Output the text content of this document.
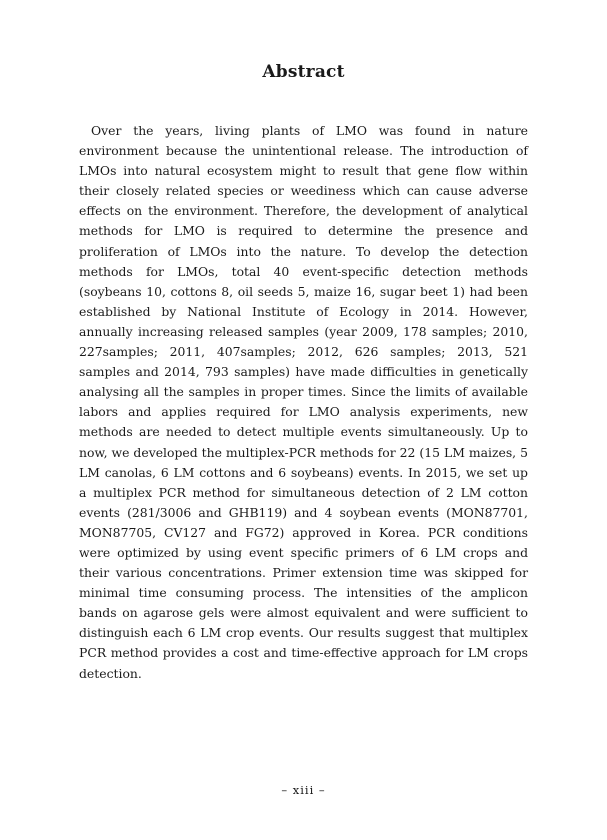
Abstract

Over the years, living plants of LMO was found in nature environment because the unintentional release. The introduction of LMOs into natural ecosystem might to result that gene flow within their closely related species or weediness which can cause adverse effects on the environment. Therefore, the development of analytical methods for LMO is required to determine the presence and proliferation of LMOs into the nature. To develop the detection methods for LMOs, total 40 event-specific detection methods (soybeans 10, cottons 8, oil seeds 5, maize 16, sugar beet 1) had been established by National Institute of Ecology in 2014. However, annually increasing released samples (year 2009, 178 samples; 2010, 227samples; 2011, 407samples; 2012, 626 samples; 2013, 521 samples and 2014, 793 samples) have made difficulties in genetically analysing all the samples in proper times. Since the limits of available labors and applies required for LMO analysis experiments, new methods are needed to detect multiple events simultaneously. Up to now, we developed the multiplex-PCR methods for 22 (15 LM maizes, 5 LM canolas, 6 LM cottons and 6 soybeans) events. In 2015, we set up a multiplex PCR method for simultaneous detection of 2 LM cotton events (281/3006 and GHB119) and 4 soybean events (MON87701, MON87705, CV127 and FG72) approved in Korea. PCR conditions were optimized by using event specific primers of 6 LM crops and their various concentrations. Primer extension time was skipped for minimal time consuming process. The intensities of the amplicon bands on agarose gels were almost equivalent and were sufficient to distinguish each 6 LM crop events. Our results suggest that multiplex PCR method provides a cost and time-effective approach for LM crops detection.

– xiii –
